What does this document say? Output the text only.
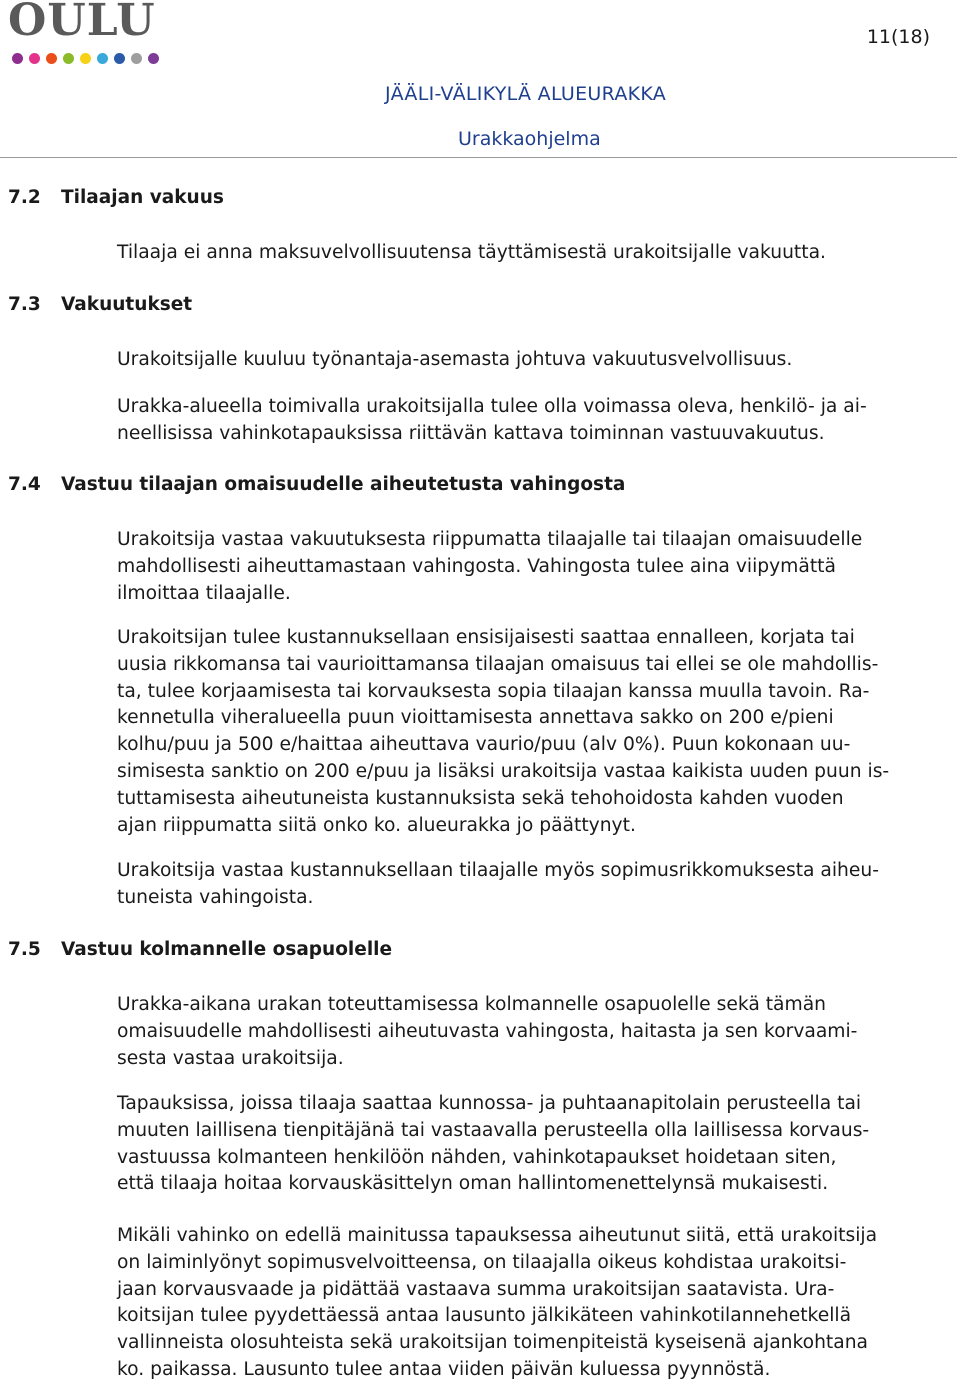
OULU	11(18)
JÄÄLI-VÄLIKYLÄ ALUEURAKKA
Urakkaohjelma
7.2 Tilaajan vakuus
Tilaaja ei anna maksuvelvollisuutensa täyttämisestä urakoitsijalle vakuutta.
7.3 Vakuutukset
Urakoitsijalle kuuluu työnantaja-asemasta johtuva vakuutusvelvollisuus.
Urakka-alueella toimivalla urakoitsijalla tulee olla voimassa oleva, henkilö- ja ai-
neellisissa vahinkotapauksissa riittävän kattava toiminnan vastuuvakuutus.
7.4 Vastuu tilaajan omaisuudelle aiheutetusta vahingosta
Urakoitsija vastaa vakuutuksesta riippumatta tilaajalle tai tilaajan omaisuudelle
mahdollisesti aiheuttamastaan vahingosta. Vahingosta tulee aina viipymättä
ilmoittaa tilaajalle.
Urakoitsijan tulee kustannuksellaan ensisijaisesti saattaa ennalleen, korjata tai
uusia rikkomansa tai vaurioittamansa tilaajan omaisuus tai ellei se ole mahdollis-
ta, tulee korjaamisesta tai korvauksesta sopia tilaajan kanssa muulla tavoin. Ra-
kennetulla viheralueella puun vioittamisesta annettava sakko on 200 e/pieni
kolhu/puu ja 500 e/haittaa aiheuttava vaurio/puu (alv 0%). Puun kokonaan uu-
simisesta sanktio on 200 e/puu ja lisäksi urakoitsija vastaa kaikista uuden puun is-
tuttamisesta aiheutuneista kustannuksista sekä tehohoidosta kahden vuoden
ajan riippumatta siitä onko ko. alueurakka jo päättynyt.
Urakoitsija vastaa kustannuksellaan tilaajalle myös sopimusrikkomuksesta aiheu-
tuneista vahingoista.
7.5 Vastuu kolmannelle osapuolelle
Urakka-aikana urakan toteuttamisessa kolmannelle osapuolelle sekä tämän
omaisuudelle mahdollisesti aiheutuvasta vahingosta, haitasta ja sen korvaami-
sesta vastaa urakoitsija.
Tapauksissa, joissa tilaaja saattaa kunnossa- ja puhtaanapitolain perusteella tai
muuten laillisena tienpitäjänä tai vastaavalla perusteella olla laillisessa korvaus-
vastuussa kolmanteen henkilöön nähden, vahinkotapaukset hoidetaan siten,
että tilaaja hoitaa korvauskäsittelyn oman hallintomenettelynsä mukaisesti.
Mikäli vahinko on edellä mainitussa tapauksessa aiheutunut siitä, että urakoitsija
on laiminlyönyt sopimusvelvoitteensa, on tilaajalla oikeus kohdistaa urakoitsi-
jaan korvausvaade ja pidättää vastaava summa urakoitsijan saatavista. Ura-
koitsijan tulee pyydettäessä antaa lausunto jälkikäteen vahinkotilannehetkellä
vallinneista olosuhteista sekä urakoitsijan toimenpiteistä kyseisenä ajankohtana
ko. paikassa. Lausunto tulee antaa viiden päivän kuluessa pyynnöstä.
